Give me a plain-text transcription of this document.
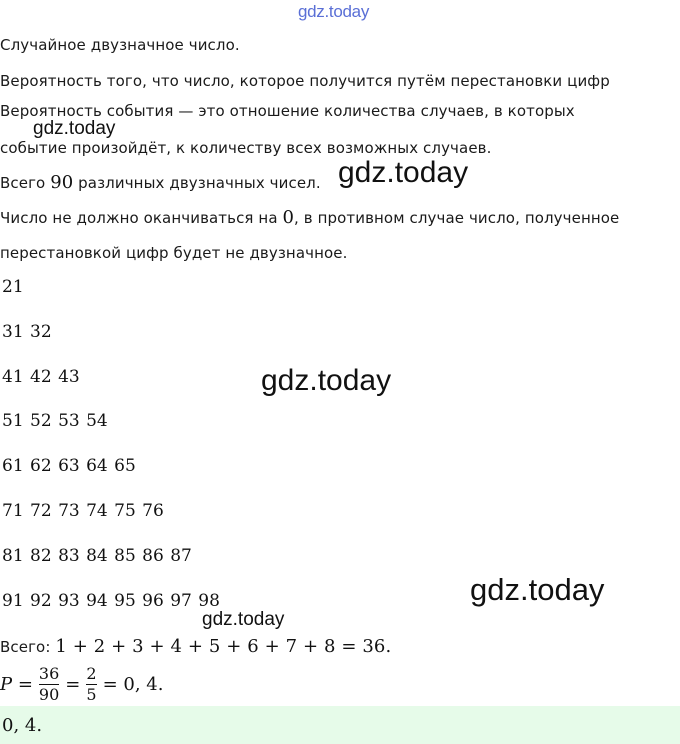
gdz.today
gdz.today
gdz.today
gdz.today
gdz.today
gdz.today
Случайное двузначное число.
Вероятность того, что число, которое получится путём перестановки цифр
Вероятность события — это отношение количества случаев, в которых
событие произойдёт, к количеству всех возможных случаев.
Всего 90 различных двузначных чисел.
Число не должно оканчиваться на 0, в противном случае число, полученное
перестановкой цифр будет не двузначное.
21
31 32
41 42 43
51 52 53 54
61 62 63 64 65
71 72 73 74 75 76
81 82 83 84 85 86 87
91 92 93 94 95 96 97 98
Всего: 1 + 2 + 3 + 4 + 5 + 6 + 7 + 8 = 36.
$P = \frac{36}{90} = \frac{2}{5} = 0$, 4.
0, 4.
